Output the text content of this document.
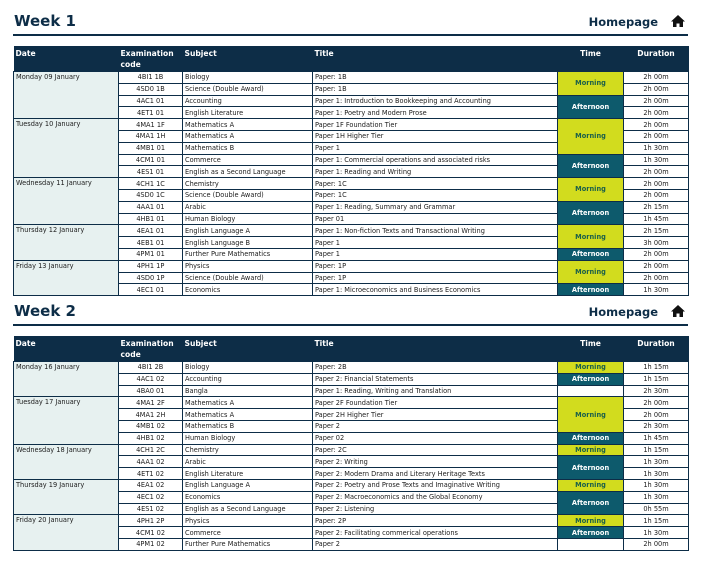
Week 1	Homepage
Date	Examination code	Subject	Title	Time	Duration
Monday 09 January	4BI1 1B	Biology	Paper: 1B	Morning	2h 00m
	4SD0 1B	Science (Double Award)	Paper: 1B		2h 00m
	4AC1 01	Accounting	Paper 1: Introduction to Bookkeeping and Accounting	Afternoon	2h 00m
	4ET1 01	English Literature	Paper 1: Poetry and Modern Prose		2h 00m
Tuesday 10 January	4MA1 1F	Mathematics A	Paper 1F Foundation Tier	Morning	2h 00m
	4MA1 1H	Mathematics A	Paper 1H Higher Tier		2h 00m
	4MB1 01	Mathematics B	Paper 1		1h 30m
	4CM1 01	Commerce	Paper 1: Commercial operations and associated risks	Afternoon	1h 30m
	4ES1 01	English as a Second Language	Paper 1: Reading and Writing		2h 00m
Wednesday 11 January	4CH1 1C	Chemistry	Paper: 1C	Morning	2h 00m
	4SD0 1C	Science (Double Award)	Paper: 1C		2h 00m
	4AA1 01	Arabic	Paper 1: Reading, Summary and Grammar	Afternoon	2h 15m
	4HB1 01	Human Biology	Paper 01		1h 45m
Thursday 12 January	4EA1 01	English Language A	Paper 1: Non-fiction Texts and Transactional Writing	Morning	2h 15m
	4EB1 01	English Language B	Paper 1		3h 00m
	4PM1 01	Further Pure Mathematics	Paper 1	Afternoon	2h 00m
Friday 13 January	4PH1 1P	Physics	Paper: 1P	Morning	2h 00m
	4SD0 1P	Science (Double Award)	Paper: 1P		2h 00m
	4EC1 01	Economics	Paper 1: Microeconomics and Business Economics	Afternoon	1h 30m
Week 2	Homepage
Date	Examination code	Subject	Title	Time	Duration
Monday 16 January	4BI1 2B	Biology	Paper: 2B	Morning	1h 15m
	4AC1 02	Accounting	Paper 2: Financial Statements	Afternoon	1h 15m
	4BA0 01	Bangla	Paper 1: Reading, Writing and Translation		2h 30m
Tuesday 17 January	4MA1 2F	Mathematics A	Paper 2F Foundation Tier	Morning	2h 00m
	4MA1 2H	Mathematics A	Paper 2H Higher Tier		2h 00m
	4MB1 02	Mathematics B	Paper 2		2h 30m
	4HB1 02	Human Biology	Paper 02	Afternoon	1h 45m
Wednesday 18 January	4CH1 2C	Chemistry	Paper: 2C	Morning	1h 15m
	4AA1 02	Arabic	Paper 2: Writing	Afternoon	1h 30m
	4ET1 02	English Literature	Paper 2: Modern Drama and Literary Heritage Texts		1h 30m
Thursday 19 January	4EA1 02	English Language A	Paper 2: Poetry and Prose Texts and Imaginative Writing	Morning	1h 30m
	4EC1 02	Economics	Paper 2: Macroeconomics and the Global Economy	Afternoon	1h 30m
	4ES1 02	English as a Second Language	Paper 2: Listening		0h 55m
Friday 20 January	4PH1 2P	Physics	Paper: 2P	Morning	1h 15m
	4CM1 02	Commerce	Paper 2: Facilitating commerical operations	Afternoon	1h 30m
	4PM1 02	Further Pure Mathematics	Paper 2		2h 00m
